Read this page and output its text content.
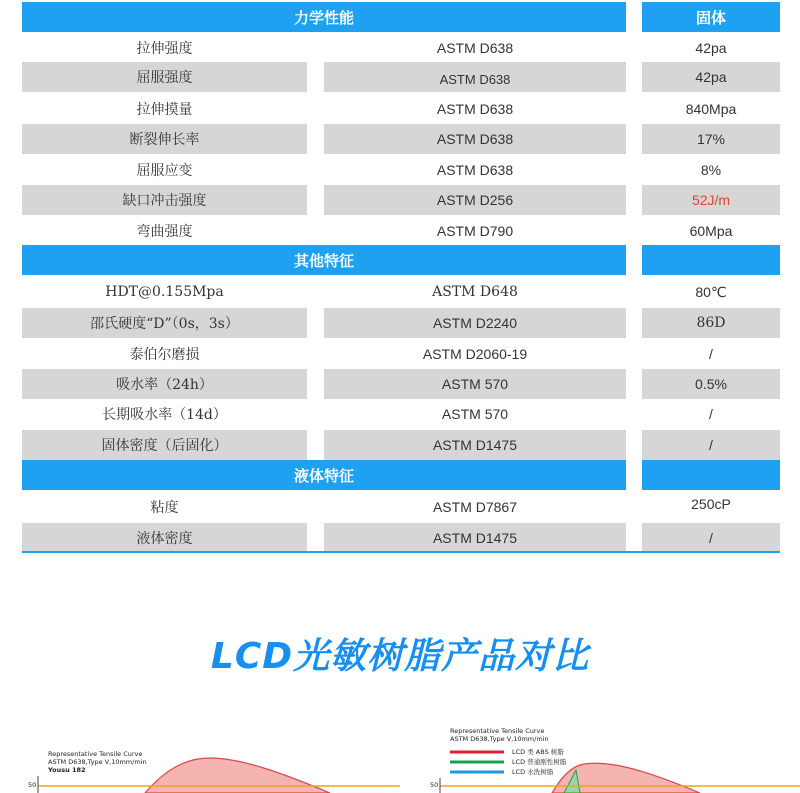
力学性能	固体
拉伸强度	ASTM D638	42pa
屈服强度	ASTM D638	42pa
拉伸摸量	ASTM D638	840Mpa
断裂伸长率	ASTM D638	17%
屈服应变	ASTM D638	8%
缺口冲击强度	ASTM D256	52J/m
弯曲强度	ASTM D790	60Mpa
其他特征
HDT@0.155Mpa	ASTM D648	80℃
邵氏硬度“D”（0s，3s）	ASTM D2240	86D
泰伯尔磨损	ASTM D2060-19	/
吸水率（24h）	ASTM 570	0.5%
长期吸水率（14d）	ASTM 570	/
固体密度（后固化）	ASTM D1475	/
液体特征
粘度	ASTM D7867	250cP
液体密度	ASTM D1475	/
LCD光敏树脂产品对比
Representative Tensile Curve
ASTM D638,Type V,10mm/min
Yousu 182
50
Representative Tensile Curve
ASTM D638,Type V,10mm/min
LCD 类 ABS 树脂
LCD 普通刚性树脂
LCD 水洗树脂
50
